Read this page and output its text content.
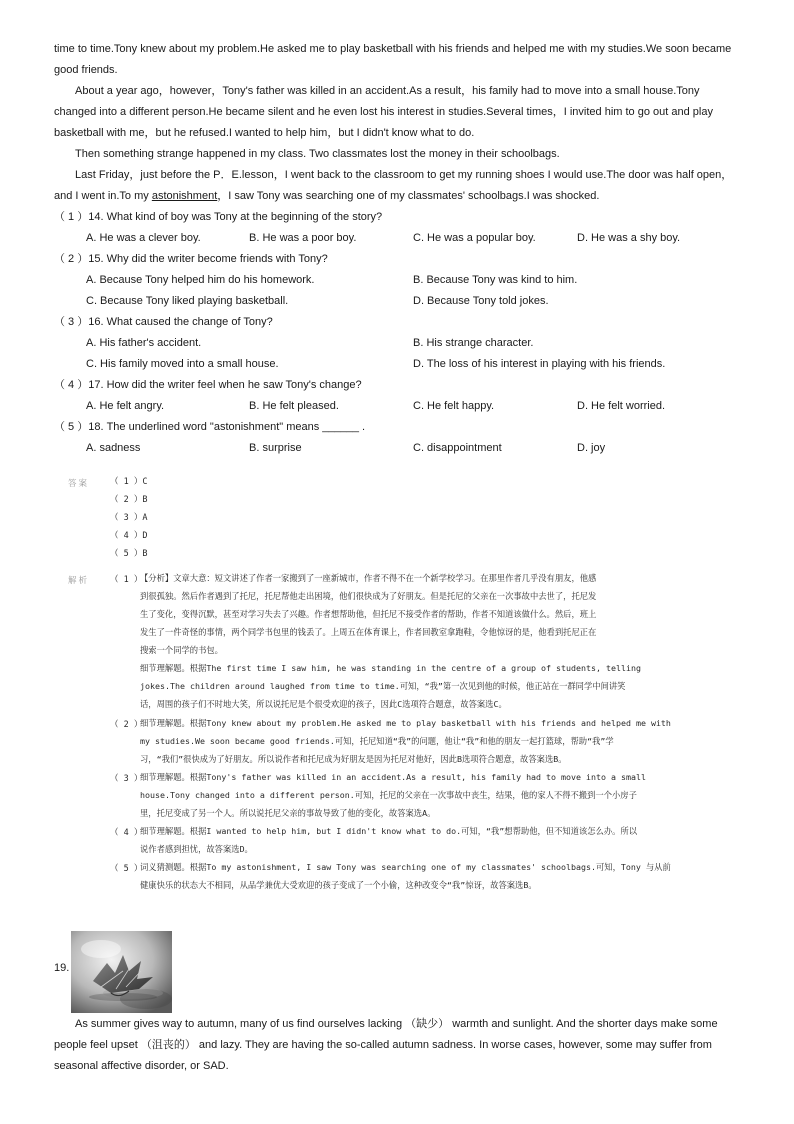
time to time.Tony knew about my problem.He asked me to play basketball with his friends and helped me with my studies.We soon became good friends.

About a year ago，however，Tony's father was killed in an accident.As a result，his family had to move into a small house.Tony changed into a different person.He became silent and he even lost his interest in studies.Several times，I invited him to go out and play basketball with me，but he refused.I wanted to help him，but I didn't know what to do.

Then something strange happened in my class. Two classmates lost the money in their schoolbags.

Last Friday，just before the P．E.lesson，I went back to the classroom to get my running shoes I would use.The door was half open，and I went in.To my astonishment，I saw Tony was searching one of my classmates' schoolbags.I was shocked.

（ 1 ）14. What kind of boy was Tony at the beginning of the story?
A. He was a clever boy.	B. He was a poor boy.	C. He was a popular boy.	D. He was a shy boy.
（ 2 ）15. Why did the writer become friends with Tony?
A. Because Tony helped him do his homework.	B. Because Tony was kind to him.
C. Because Tony liked playing basketball.	D. Because Tony told jokes.
（ 3 ）16. What caused the change of Tony?
A. His father's accident.	B. His strange character.
C. His family moved into a small house.	D. The loss of his interest in playing with his friends.
（ 4 ）17. How did the writer feel when he saw Tony's change?
A. He felt angry.	B. He felt pleased.	C. He felt happy.	D. He felt worried.
（ 5 ）18. The underlined word "astonishment" means ______ .
A. sadness	B. surprise	C. disappointment	D. joy
答案 （ 1 ）C
（ 2 ）B
（ 3 ）A
（ 4 ）D
（ 5 ）B
解析 （ 1 ）
【分析】文章大意：短文讲述了作者一家搬到了一座新城市，作者不得不在一个新学校学习。在那里作者几乎没有朋友，他感
到很孤独。然后作者遇到了托尼，托尼帮他走出困境，他们很快成为了好朋友。但是托尼的父亲在一次事故中去世了，托尼发
生了变化，变得沉默，甚至对学习失去了兴趣。作者想帮助他，但托尼不接受作者的帮助，作者不知道该做什么。然后，班上
发生了一件奇怪的事情，两个同学书包里的钱丢了。上周五在体育课上，作者回教室拿跑鞋，令他惊讶的是，他看到托尼正在
搜索一个同学的书包。
细节理解题。根据The first time I saw him, he was standing in the centre of a group of students, telling
jokes.The children around laughed from time to time.可知，“我”第一次见到他的时候，他正站在一群同学中间讲笑
话，周围的孩子们不时地大笑，所以说托尼是个很受欢迎的孩子，因此C选项符合题意，故答案选C。
（ 2 ）
细节理解题。根据Tony knew about my problem.He asked me to play basketball with his friends and helped me with
my studies.We soon became good friends.可知，托尼知道“我”的问题，他让“我”和他的朋友一起打篮球，帮助“我”学
习，“我们”很快成为了好朋友。所以说作者和托尼成为好朋友是因为托尼对他好，因此B选项符合题意，故答案选B。
（ 3 ）
细节理解题。根据Tony's father was killed in an accident.As a result, his family had to move into a small
house.Tony changed into a different person.可知，托尼的父亲在一次事故中丧生，结果，他的家人不得不搬到一个小房子
里，托尼变成了另一个人。所以说托尼父亲的事故导致了他的变化，故答案选A。
（ 4 ）
细节理解题。根据I wanted to help him, but I didn't know what to do.可知，“我”想帮助他，但不知道该怎么办。所以
说作者感到担忧，故答案选D。
（ 5 ）
词义猜测题。根据To my astonishment, I saw Tony was searching one of my classmates' schoolbags.可知，Tony 与从前
健康快乐的状态大不相同，从品学兼优大受欢迎的孩子变成了一个小偷，这种改变令“我”惊讶，故答案选B。
19.

As summer gives way to autumn, many of us find ourselves lacking （缺少） warmth and sunlight. And the shorter days make some people feel upset （沮丧的） and lazy. They are having the so-called autumn sadness. In worse cases, however, some may suffer from seasonal affective disorder, or SAD.
